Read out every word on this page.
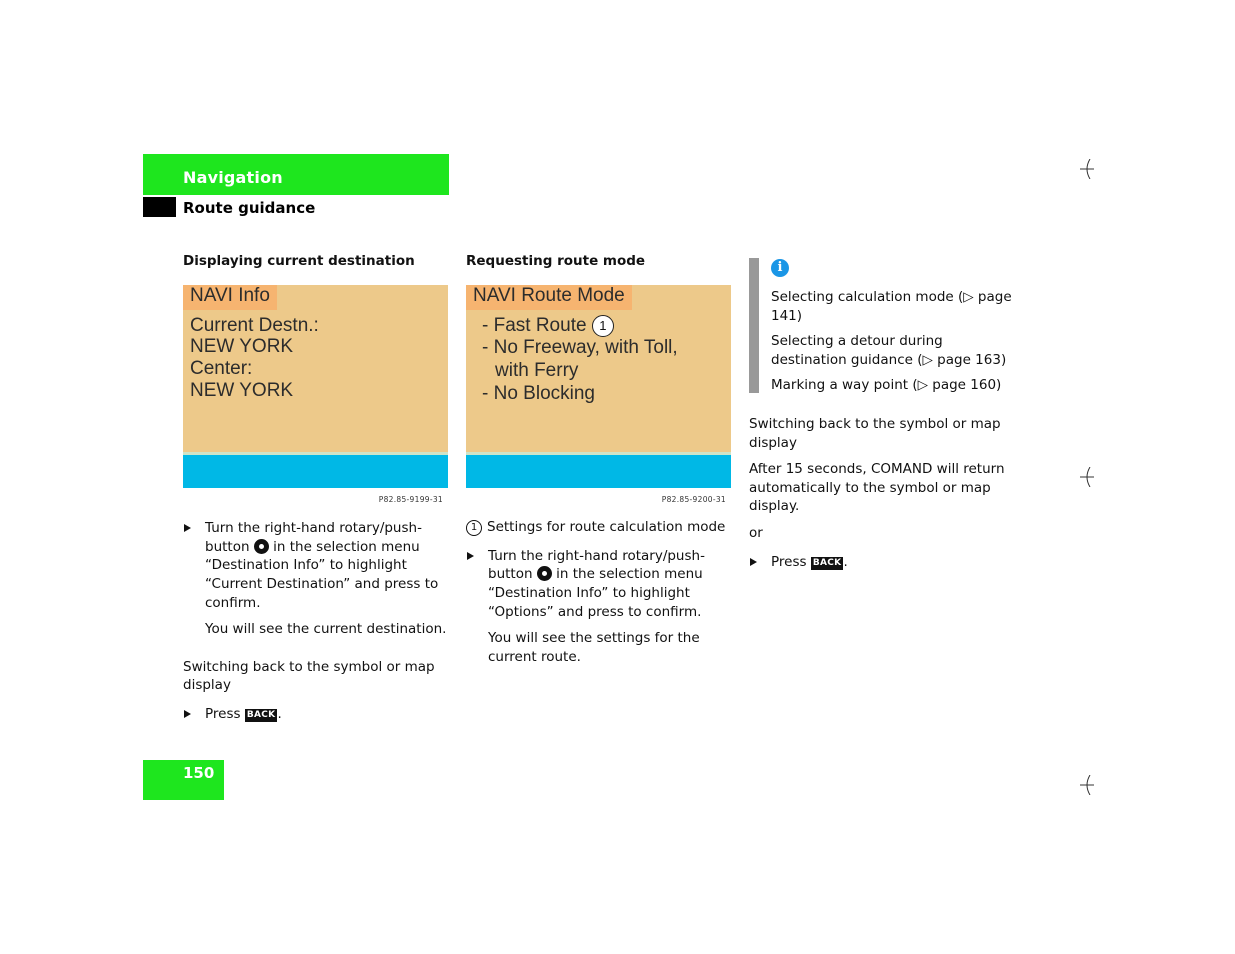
Navigation
Route guidance
Displaying current destination
NAVI Info
Current Destn.:
NEW YORK
Center:
NEW YORK
P82.85-9199-31
Turn the right-hand rotary/push-button in the selection menu “Destination Info” to highlight “Current Destination” and press to confirm.
You will see the current destination.
Switching back to the symbol or map display
Press BACK .
Requesting route mode
NAVI Route Mode
- Fast Route 1
- No Freeway, with Toll,
with Ferry
- No Blocking
P82.85-9200-31
1 Settings for route calculation mode
Turn the right-hand rotary/push-button in the selection menu “Destination Info” to highlight “Options” and press to confirm.
You will see the settings for the current route.
i
Selecting calculation mode (▷ page 141)
Selecting a detour during destination guidance (▷ page 163)
Marking a way point (▷ page 160)
Switching back to the symbol or map display
After 15 seconds, COMAND will return automatically to the symbol or map display.
or
Press BACK .
150
